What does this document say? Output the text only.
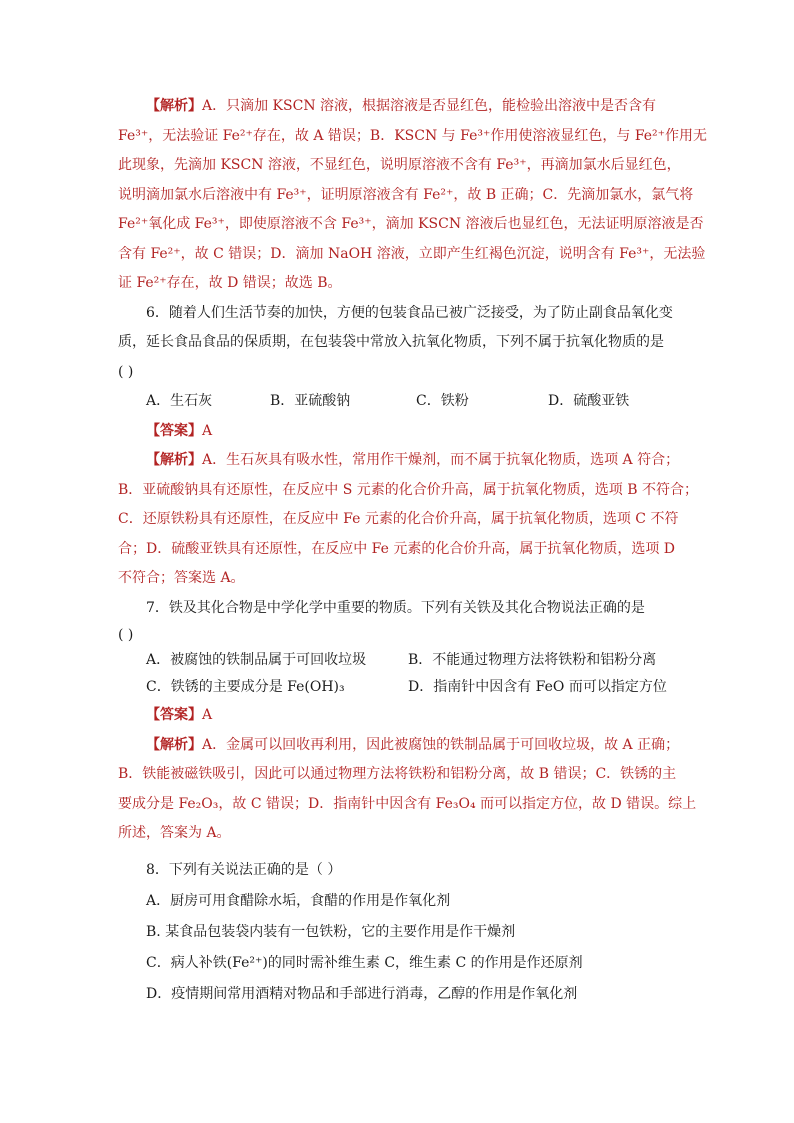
【解析】A．只滴加 KSCN 溶液，根据溶液是否显红色，能检验出溶液中是否含有

Fe³⁺，无法验证 Fe²⁺存在，故 A 错误；B．KSCN 与 Fe³⁺作用使溶液显红色，与 Fe²⁺作用无

此现象，先滴加 KSCN 溶液，不显红色，说明原溶液不含有 Fe³⁺，再滴加氯水后显红色，

说明滴加氯水后溶液中有 Fe³⁺，证明原溶液含有 Fe²⁺，故 B 正确；C．先滴加氯水，氯气将

Fe²⁺氧化成 Fe³⁺，即使原溶液不含 Fe³⁺，滴加 KSCN 溶液后也显红色，无法证明原溶液是否

含有 Fe²⁺，故 C 错误；D．滴加 NaOH 溶液，立即产生红褐色沉淀，说明含有 Fe³⁺，无法验

证 Fe²⁺存在，故 D 错误；故选 B。

6．随着人们生活节奏的加快，方便的包装食品已被广泛接受，为了防止副食品氧化变

质，延长食品食品的保质期，在包装袋中常放入抗氧化物质，下列不属于抗氧化物质的是

( )

A．生石灰	B．亚硫酸钠	C．铁粉	D．硫酸亚铁

【答案】A

【解析】A．生石灰具有吸水性，常用作干燥剂，而不属于抗氧化物质，选项 A 符合；

B．亚硫酸钠具有还原性，在反应中 S 元素的化合价升高，属于抗氧化物质，选项 B 不符合；

C．还原铁粉具有还原性，在反应中 Fe 元素的化合价升高，属于抗氧化物质，选项 C 不符

合；D．硫酸亚铁具有还原性，在反应中 Fe 元素的化合价升高，属于抗氧化物质，选项 D

不符合；答案选 A。

7．铁及其化合物是中学化学中重要的物质。下列有关铁及其化合物说法正确的是

( )

A．被腐蚀的铁制品属于可回收垃圾	B．不能通过物理方法将铁粉和铝粉分离

C．铁锈的主要成分是 Fe(OH)₃	D．指南针中因含有 FeO 而可以指定方位

【答案】A

【解析】A．金属可以回收再利用，因此被腐蚀的铁制品属于可回收垃圾，故 A 正确；

B．铁能被磁铁吸引，因此可以通过物理方法将铁粉和铝粉分离，故 B 错误；C．铁锈的主

要成分是 Fe₂O₃，故 C 错误；D．指南针中因含有 Fe₃O₄ 而可以指定方位，故 D 错误。综上

所述，答案为 A。

8．下列有关说法正确的是（ ）

A．厨房可用食醋除水垢，食醋的作用是作氧化剂

B. 某食品包装袋内装有一包铁粉，它的主要作用是作干燥剂

C．病人补铁(Fe²⁺)的同时需补维生素 C，维生素 C 的作用是作还原剂

D．疫情期间常用酒精对物品和手部进行消毒，乙醇的作用是作氧化剂
